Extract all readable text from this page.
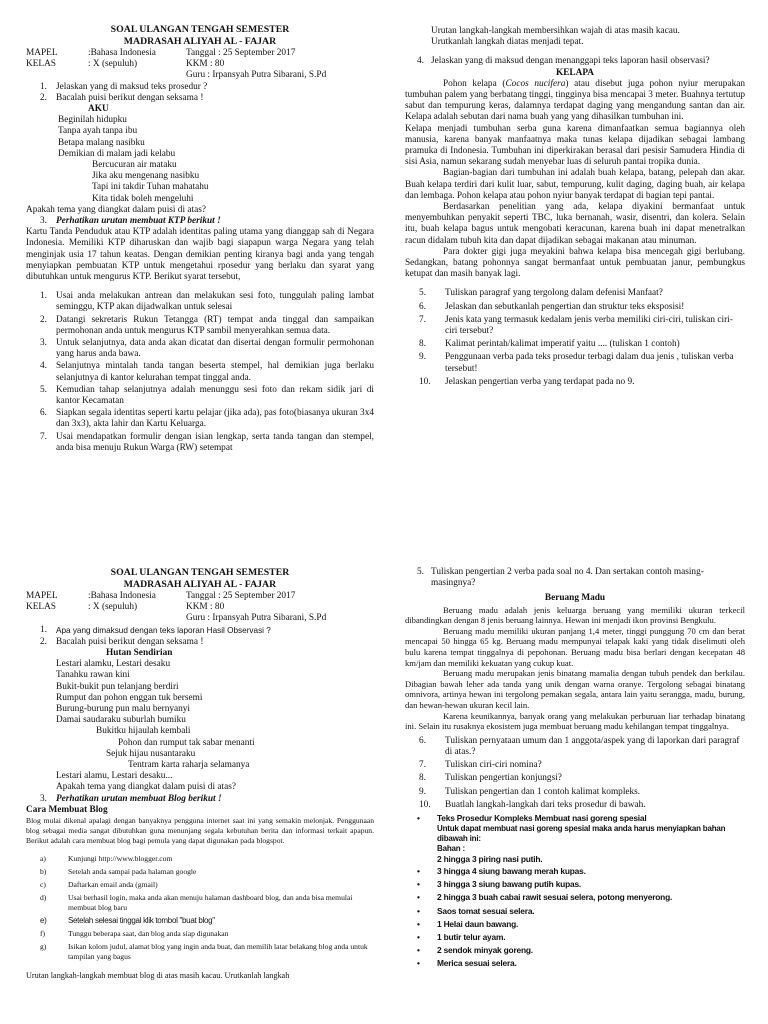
SOAL ULANGAN TENGAH SEMESTER
MADRASAH ALIYAH AL - FAJAR
MAPEL	:Bahasa Indonesia	Tanggal : 25 September 2017
KELAS	: X (sepuluh)	KKM : 80
Guru : Irpansyah Putra Sibarani, S.Pd
1. Jelaskan yang di maksud teks prosedur ?
2. Bacalah puisi berikut dengan seksama !
AKU
Beginilah hidupku
Tanpa ayah tanpa ibu
Betapa malang nasibku
Demikian di malam jadi kelabu
Bercucuran air mataku
Jika aku mengenang nasibku
Tapi ini takdir Tuhan mahatahu
Kita tidak boleh mengeluhi
Apakah tema yang diangkat dalam puisi di atas?
3. Perhatikan urutan membuat KTP berikut !
Kartu Tanda Penduduk atau KTP adalah identitas paling utama yang dianggap sah di Negara Indonesia. Memiliki KTP diharuskan dan wajib bagi siapapun warga Negara yang telah menginjak usia 17 tahun keatas. Dengan demikian penting kiranya bagi anda yang tengah menyiapkan pembuatan KTP untuk mengetahui rposedur yang berlaku dan syarat yang dibutuhkan untuk mengurus KTP. Berikut syarat tersebut,
1. Usai anda melakukan antrean dan melakukan sesi foto, tunggulah paling lambat seminggu, KTP akan dijadwalkan untuk selesai
2. Datangi sekretaris Rukun Tetangga (RT) tempat anda tinggal dan sampaikan permohonan anda untuk mengurus KTP sambil menyerahkan semua data.
3. Untuk selanjutnya, data anda akan dicatat dan disertai dengan formulir permohonan yang harus anda bawa.
4. Selanjutnya mintalah tanda tangan beserta stempel, hal demikian juga berlaku selanjutnya di kantor kelurahan tempat tinggal anda.
5. Kemudian tahap selanjutnya adalah menunggu sesi foto dan rekam sidik jari di kantor Kecamatan
6. Siapkan segala identitas seperti kartu pelajar (jika ada), pas foto(biasanya ukuran 3x4 dan 3x3), akta lahir dan Kartu Keluarga.
7. Usai mendapatkan formulir dengan isian lengkap, serta tanda tangan dan stempel, anda bisa menuju Rukun Warga (RW) setempat
Urutan langkah-langkah membersihkan wajah di atas masih kacau.
Urutkanlah langkah diatas menjadi tepat.
4. Jelaskan yang di maksud dengan menanggapi teks laporan hasil observasi?
KELAPA
Pohon kelapa (Cocos nucifera) atau disebut juga pohon nyiur merupakan tumbuhan palem yang berbatang tinggi, tingginya bisa mencapai 3 meter. Buahnya tertutup sabut dan tempurung keras, dalamnya terdapat daging yang mengandung santan dan air. Kelapa adalah sebutan dari nama buah yang yang dihasilkan tumbuhan ini.
Kelapa menjadi tumbuhan serba guna karena dimanfaatkan semua bagiannya oleh manusia, karena banyak manfaatnya maka tunas kelapa dijadikan sebagai lambang pramuka di Indonesia. Tumbuhan ini diperkirakan berasal dari pesisir Samudera Hindia di sisi Asia, namun sekarang sudah menyebar luas di seluruh pantai tropika dunia.
Bagian-bagian dari tumbuhan ini adalah buah kelapa, batang, pelepah dan akar. Buah kelapa terdiri dari kulit luar, sabut, tempurung, kulit daging, daging buah, air kelapa dan lembaga. Pohon kelapa atau pohon nyiur banyak terdapat di bagian tepi pantai.
Berdasarkan penelitian yang ada, kelapa diyakini bermanfaat untuk menyembuhkan penyakit seperti TBC, luka bernanah, wasir, disentri, dan kolera. Selain itu, buah kelapa bagus untuk mengobati keracunan, karena buah ini dapat menetralkan racun didalam tubuh kita dan dapat dijadikan sebagai makanan atau minuman.
Para dokter gigi juga meyakini bahwa kelapa bisa mencegah gigi berlubang. Sedangkan, batang pohonnya sangat bermanfaat untuk pembuatan janur, pembungkus ketupat dan masih banyak lagi.
5. Tuliskan paragraf yang tergolong dalam defenisi Manfaat?
6. Jelaskan dan sebutkanlah pengertian dan struktur teks eksposisi!
7. Jenis kata yang termasuk kedalam jenis verba memiliki ciri-ciri, tuliskan ciri-ciri tersebut?
8. Kalimat perintah/kalimat imperatif yaitu .... (tuliskan 1 contoh)
9. Penggunaan verba pada teks prosedur terbagi dalam dua jenis , tuliskan verba tersebut!
10. Jelaskan pengertian verba yang terdapat pada no 9.
SOAL ULANGAN TENGAH SEMESTER
MADRASAH ALIYAH AL - FAJAR
MAPEL	:Bahasa Indonesia	Tanggal : 25 September 2017
KELAS	: X (sepuluh)	KKM : 80
Guru : Irpansyah Putra Sibarani, S.Pd
1. Apa yang dimaksud dengan teks laporan Hasil Observasi ?
2. Bacalah puisi berikut dengan seksama !
Hutan Sendirian
Lestari alamku, Lestari desaku
Tanahku rawan kini
Bukit-bukit pun telanjang berdiri
Rumput dan pohon enggan tuk bersemi
Burung-burung pun malu bernyanyi
Damai saudaraku suburlah bumiku
Bukitku hijaulah kembali
Pohon dan rumput tak sabar menanti
Sejuk hijau nusantaraku
Tentram karta raharja selamanya
Lestari alamu, Lestari desaku...
Apakah tema yang diangkat dalam puisi di atas?
3. Perhatikan urutan membuat Blog berikut !
Cara Membuat Blog
Blog mulai dikenal apalagi dengan banyaknya pengguna internet saat ini yang semakin melonjak. Penggunaan blog sebagai media sangat dibutuhkan guna menunjang segala kebutuhan berita dan informasi terkait apapun. Berikut adalah cara membuat blog bagi pemula yang dapat digunakan pada blogspot.
a)	Kunjungi http://www.blogger.com
b)	Setelah anda sampai pada halaman google
c)	Daftarkan email anda (gmail)
d)	Usai berhasil login, maka anda akan menuju halaman dashboard blog, dan anda bisa memulai membuat blog baru
e)	Setelah selesai tinggal klik tombol "buat blog"
f)	Tunggu beberapa saat, dan blog anda siap digunakan
g)	Isikan kolom judul, alamat blog yang ingin anda buat, dan memilih latar belakang blog anda untuk tampilan yang bagus
Urutan langkah-langkah membuat blog di atas masih kacau. Urutkanlah langkah
5. Tuliskan pengertian 2 verba pada soal no 4. Dan sertakan contoh masing-masingnya?
Beruang Madu
Beruang madu adalah jenis keluarga beruang yang memiliki ukuran terkecil dibandingkan dengan 8 jenis beruang lainnya. Hewan ini menjadi ikon provinsi Bengkulu.
Beruang madu memiliki ukuran panjang 1,4 meter, tinggi punggung 70 cm dan berat mencapai 50 hingga 65 kg. Beruang madu mempunyai telapak kaki yang tidak diselimuti oleh bulu karena tempat tinggalnya di pepohonan. Beruang madu bisa berlari dengan kecepatan 48 km/jam dan memiliki kekuatan yang cukup kuat.
Beruang madu merupakan jenis binatang mamalia dengan tubuh pendek dan berkilau. Dibagian bawah leher ada tanda yang unik dengan warna oranye. Tergolong sebagai binatang omnivora, artinya hewan ini tergolong pemakan segala, antara lain yaitu serangga, madu, burung, dan hewan-hewan ukuran kecil lain.
Karena keunikannya, banyak orang yang melakukan perburuan liar terhadap binatang ini. Selain itu rusaknya ekosistem juga membuat beruang madu kehilangan tempat tinggalnya.
6. Tuliskan pernyataan umum dan 1 anggota/aspek yang di laporkan dari paragraf di atas.?
7. Tuliskan ciri-ciri nomina?
8. Tuliskan pengertian konjungsi?
9. Tuliskan pengertian dan 1 contoh kalimat kompleks.
10. Buatlah langkah-langkah dari teks prosedur di bawah.
• Teks Prosedur Kompleks Membuat nasi goreng spesial
Untuk dapat membuat nasi goreng spesial maka anda harus menyiapkan bahan dibawah ini:
Bahan :
2 hingga 3 piring nasi putih.
• 3 hingga 4 siung bawang merah kupas.
• 3 hingga 3 siung bawang putih kupas.
• 2 hingga 3 buah cabai rawit sesuai selera, potong menyerong.
• Saos tomat sesuai selera.
• 1 Helai daun bawang.
• 1 butir telur ayam.
• 2 sendok minyak goreng.
• Merica sesuai selera.
